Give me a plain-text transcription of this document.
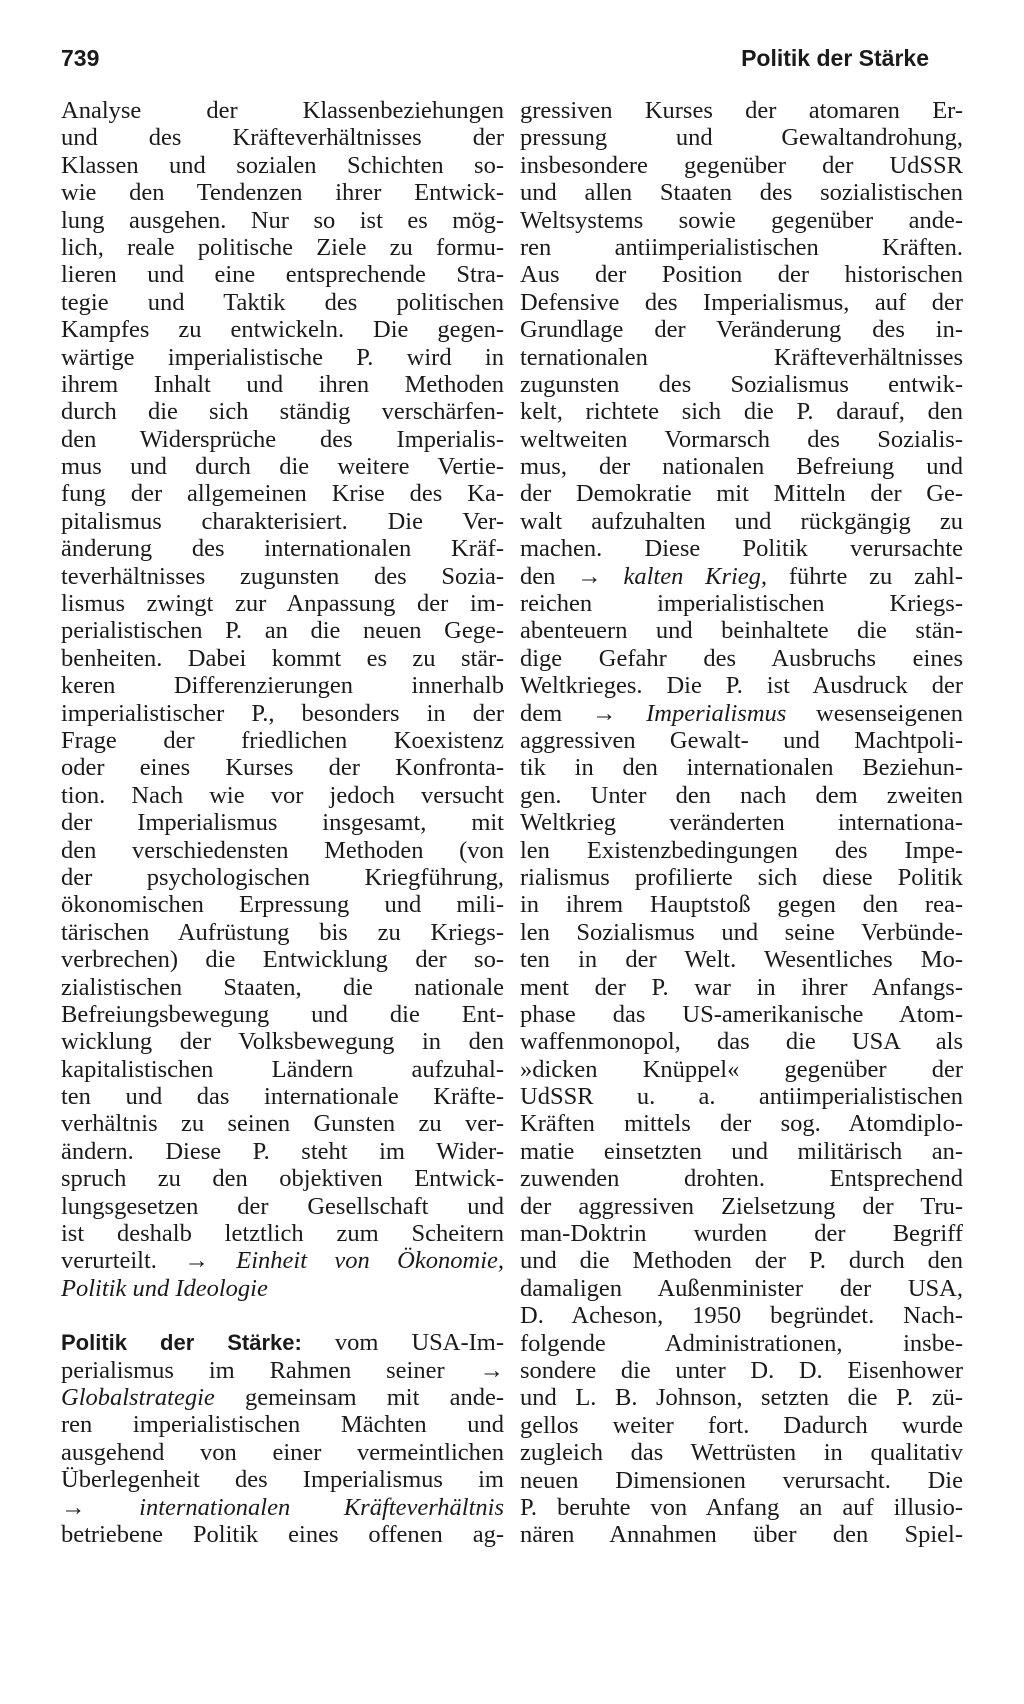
739	Politik der Stärke
Analyse der Klassenbeziehungen
und des Kräfteverhältnisses der
Klassen und sozialen Schichten so-
wie den Tendenzen ihrer Entwick-
lung ausgehen. Nur so ist es mög-
lich, reale politische Ziele zu formu-
lieren und eine entsprechende Stra-
tegie und Taktik des politischen
Kampfes zu entwickeln. Die gegen-
wärtige imperialistische P. wird in
ihrem Inhalt und ihren Methoden
durch die sich ständig verschärfen-
den Widersprüche des Imperialis-
mus und durch die weitere Vertie-
fung der allgemeinen Krise des Ka-
pitalismus charakterisiert. Die Ver-
änderung des internationalen Kräf-
teverhältnisses zugunsten des Sozia-
lismus zwingt zur Anpassung der im-
perialistischen P. an die neuen Gege-
benheiten. Dabei kommt es zu stär-
keren Differenzierungen innerhalb
imperialistischer P., besonders in der
Frage der friedlichen Koexistenz
oder eines Kurses der Konfronta-
tion. Nach wie vor jedoch versucht
der Imperialismus insgesamt, mit
den verschiedensten Methoden (von
der psychologischen Kriegführung,
ökonomischen Erpressung und mili-
tärischen Aufrüstung bis zu Kriegs-
verbrechen) die Entwicklung der so-
zialistischen Staaten, die nationale
Befreiungsbewegung und die Ent-
wicklung der Volksbewegung in den
kapitalistischen Ländern aufzuhal-
ten und das internationale Kräfte-
verhältnis zu seinen Gunsten zu ver-
ändern. Diese P. steht im Wider-
spruch zu den objektiven Entwick-
lungsgesetzen der Gesellschaft und
ist deshalb letztlich zum Scheitern
verurteilt. → Einheit von Ökonomie,
Politik und Ideologie
Politik der Stärke: vom USA-Im-
perialismus im Rahmen seiner →
Globalstrategie gemeinsam mit ande-
ren imperialistischen Mächten und
ausgehend von einer vermeintlichen
Überlegenheit des Imperialismus im
→ internationalen Kräfteverhältnis
betriebene Politik eines offenen ag-
gressiven Kurses der atomaren Er-
pressung und Gewaltandrohung,
insbesondere gegenüber der UdSSR
und allen Staaten des sozialistischen
Weltsystems sowie gegenüber ande-
ren antiimperialistischen Kräften.
Aus der Position der historischen
Defensive des Imperialismus, auf der
Grundlage der Veränderung des in-
ternationalen Kräfteverhältnisses
zugunsten des Sozialismus entwik-
kelt, richtete sich die P. darauf, den
weltweiten Vormarsch des Sozialis-
mus, der nationalen Befreiung und
der Demokratie mit Mitteln der Ge-
walt aufzuhalten und rückgängig zu
machen. Diese Politik verursachte
den → kalten Krieg, führte zu zahl-
reichen imperialistischen Kriegs-
abenteuern und beinhaltete die stän-
dige Gefahr des Ausbruchs eines
Weltkrieges. Die P. ist Ausdruck der
dem → Imperialismus wesenseigenen
aggressiven Gewalt- und Machtpoli-
tik in den internationalen Beziehun-
gen. Unter den nach dem zweiten
Weltkrieg veränderten internationa-
len Existenzbedingungen des Impe-
rialismus profilierte sich diese Politik
in ihrem Hauptstoß gegen den rea-
len Sozialismus und seine Verbünde-
ten in der Welt. Wesentliches Mo-
ment der P. war in ihrer Anfangs-
phase das US-amerikanische Atom-
waffenmonopol, das die USA als
»dicken Knüppel« gegenüber der
UdSSR u. a. antiimperialistischen
Kräften mittels der sog. Atomdiplo-
matie einsetzten und militärisch an-
zuwenden drohten. Entsprechend
der aggressiven Zielsetzung der Tru-
man-Doktrin wurden der Begriff
und die Methoden der P. durch den
damaligen Außenminister der USA,
D. Acheson, 1950 begründet. Nach-
folgende Administrationen, insbe-
sondere die unter D. D. Eisenhower
und L. B. Johnson, setzten die P. zü-
gellos weiter fort. Dadurch wurde
zugleich das Wettrüsten in qualitativ
neuen Dimensionen verursacht. Die
P. beruhte von Anfang an auf illusio-
nären Annahmen über den Spiel-
